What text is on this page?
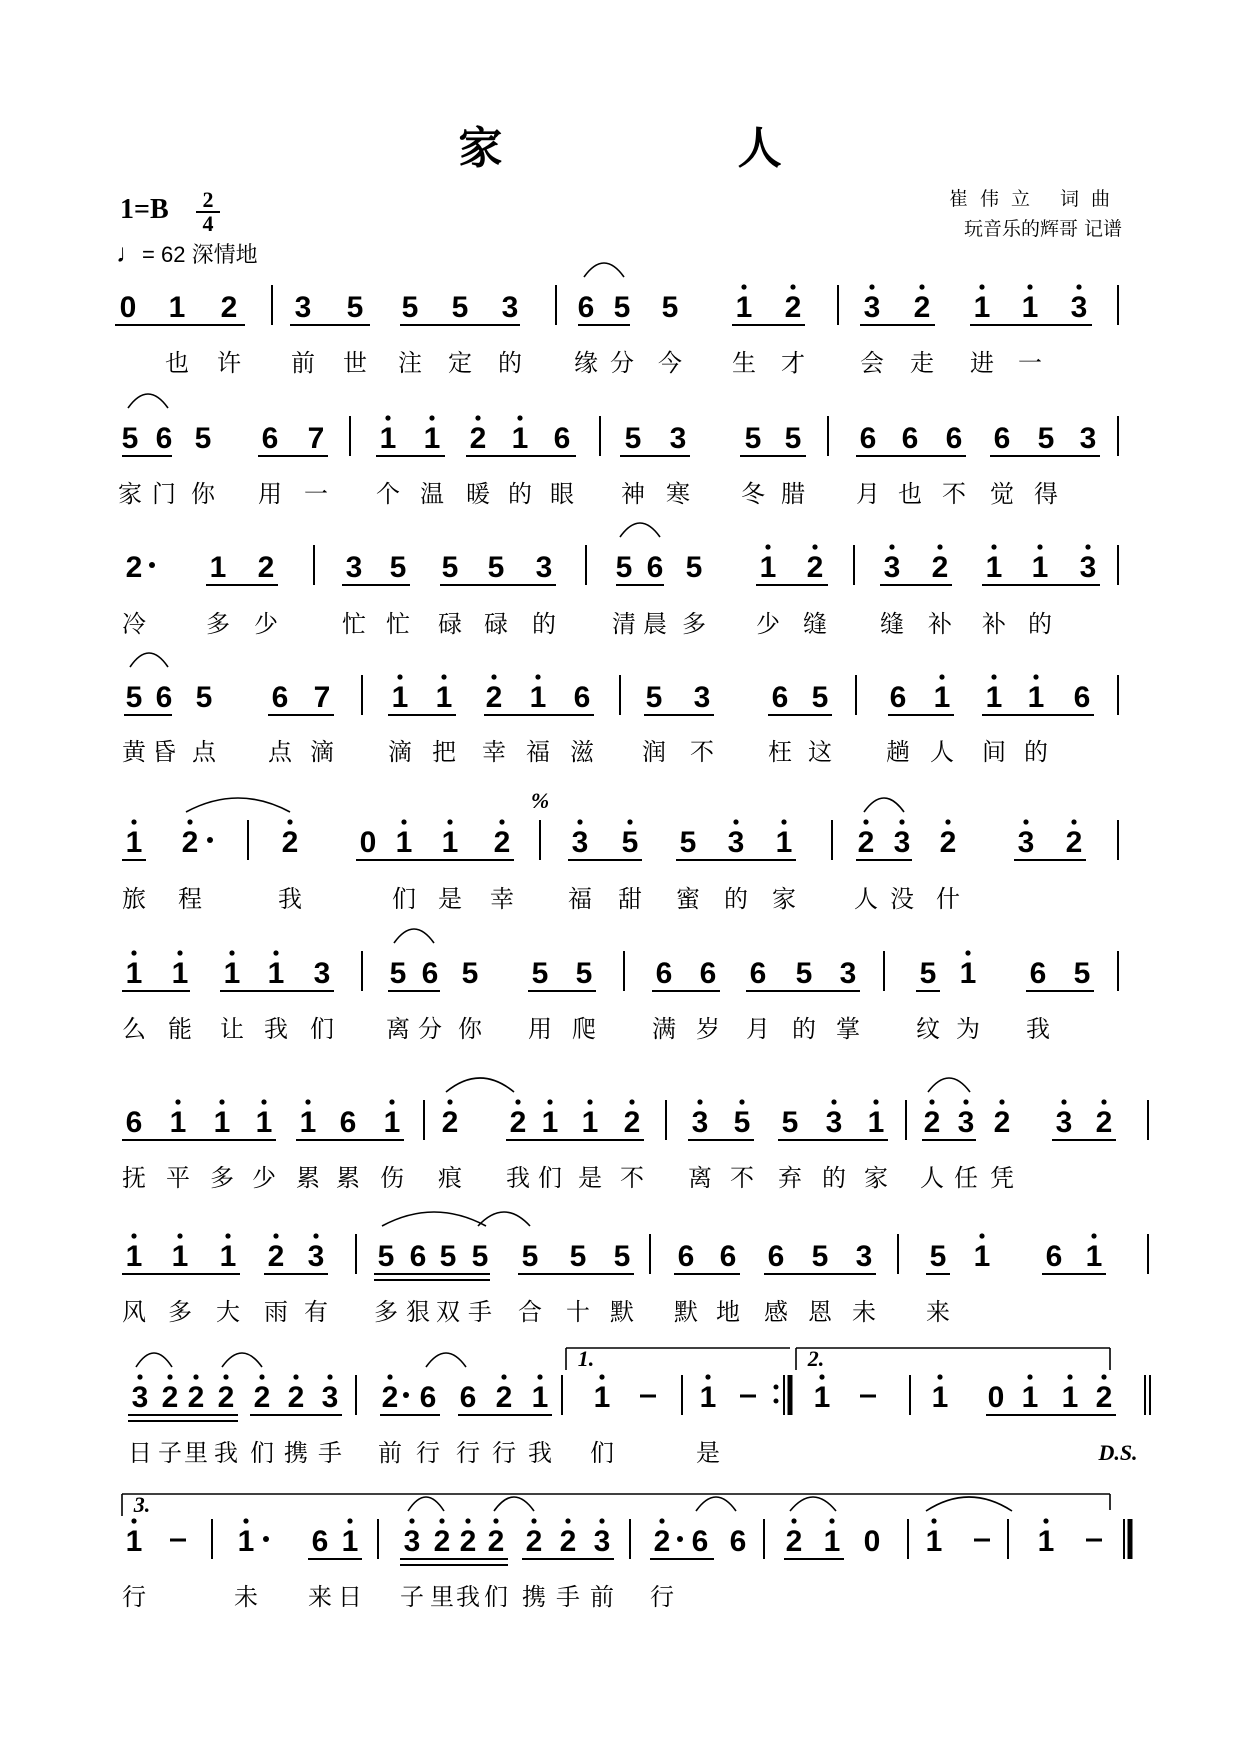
家 人
1=B 2
4
♩= 62 深情地
崔伟立 词曲
玩音乐的辉哥 记谱
0 1 2 3 5 5 5 3 6 5 5 1 2 3 2 1 1 3
也 许 前 世 注 定 的 缘 分 今 生 才 会 走 进 一
5 6 5 6 7 1 1 2 1 6 5 3 5 5 6 6 6 6 5 3
家 门 你 用 一 个 温 暖 的 眼 神 寒 冬 腊 月 也 不 觉 得
2 1 2 3 5 5 5 3 5 6 5 1 2 3 2 1 1 3
冷	多 少	忙 忙 碌 碌 的 清 晨 多 少 缝 缝 补 补 的
5 6 5 6 7 1 1 2 1 6 5 3 6 5 6 1 1 1 6
黄 昏 点 点 滴 滴 把 幸 福 滋 润 不 枉 这 趟 人 间 的
1 2	2 0 1 1 2 3 5 5 3 1 2 3 2 3 2
旅 程	我	们 是 幸 福 甜 蜜 的 家 人 没 什
1 1 1 1 3 5 6 5 5 5 6 6 6 5 3 5 1 6 5
么 能 让 我 们 离 分 你 用 爬 满 岁 月 的 掌 纹 为 我
6 1 1 1 1 6 1 2 2 1 1 2 3 5 5 3 1 2 3 2 3 2
抚 平 多 少 累 累 伤 痕 我 们 是 不 离 不 弃 的 家 人 任 凭
1 1 1 2 3 5 6 5 5 5 5 5 6 6 6 5 3 5 1 6 1
风 多 大 雨 有 多 狠 双 手 合 十 默 默 地 感 恩 未 来
3 2 2 2 2 2 3 2 6 6 2 1 1	1	1	1 0 1 1 2
日 子 里 我 们 携 手 前 行 行 行 我 们	是
1	1 6 1 3 2 2 2 2 2 3 2 6 6 2 1 0 1	1
行	未 来 日 子 里 我 们 携 手 前 行
%
D.S.
1.	2.
3.
